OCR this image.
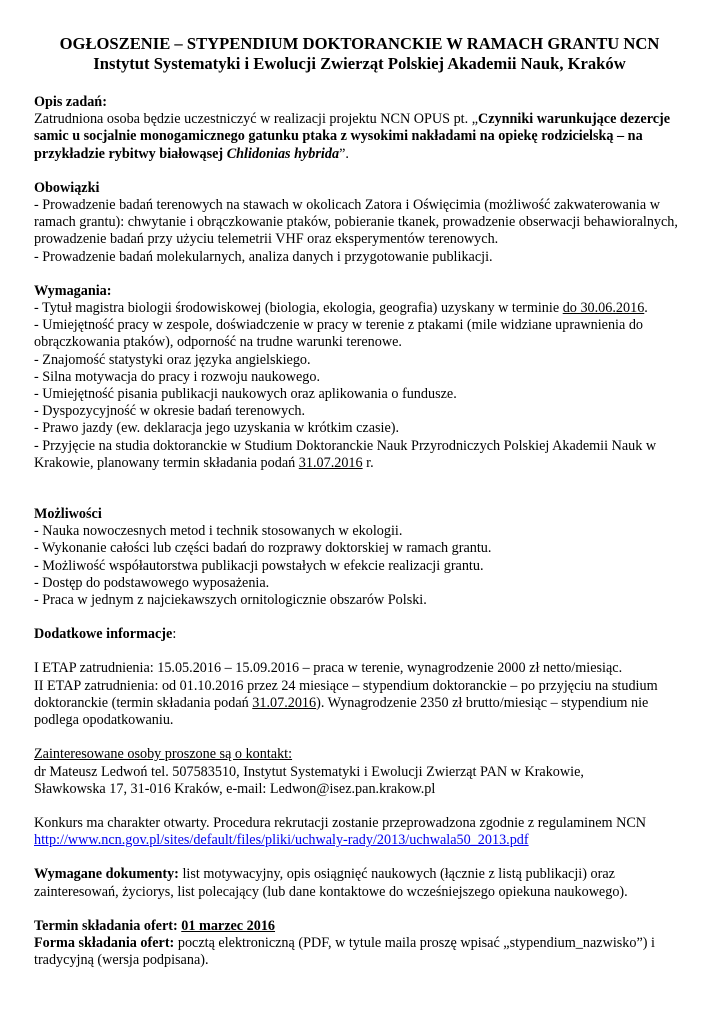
OGŁOSZENIE – STYPENDIUM DOKTORANCKIE W RAMACH GRANTU NCN

Instytut Systematyki i Ewolucji Zwierząt Polskiej Akademii Nauk, Kraków

Opis zadań:

Zatrudniona osoba będzie uczestniczyć w realizacji projektu NCN OPUS pt. „Czynniki warunkujące dezercje samic u socjalnie monogamicznego gatunku ptaka z wysokimi nakładami na opiekę rodzicielską – na przykładzie rybitwy białowąsej Chlidonias hybrida”.

Obowiązki

- Prowadzenie badań terenowych na stawach w okolicach Zatora i Oświęcimia (możliwość zakwaterowania w ramach grantu): chwytanie i obrączkowanie ptaków, pobieranie tkanek, prowadzenie obserwacji behawioralnych, prowadzenie badań przy użyciu telemetrii VHF oraz eksperymentów terenowych.

- Prowadzenie badań molekularnych, analiza danych i przygotowanie publikacji.

Wymagania:

- Tytuł magistra biologii środowiskowej (biologia, ekologia, geografia) uzyskany w terminie do 30.06.2016.

- Umiejętność pracy w zespole, doświadczenie w pracy w terenie z ptakami (mile widziane uprawnienia do obrączkowania ptaków), odporność na trudne warunki terenowe.

- Znajomość statystyki oraz języka angielskiego.

- Silna motywacja do pracy i rozwoju naukowego.

- Umiejętność pisania publikacji naukowych oraz aplikowania o fundusze.

- Dyspozycyjność w okresie badań terenowych.

- Prawo jazdy (ew. deklaracja jego uzyskania w krótkim czasie).

- Przyjęcie na studia doktoranckie w Studium Doktoranckie Nauk Przyrodniczych Polskiej Akademii Nauk w Krakowie, planowany termin składania podań 31.07.2016 r.

Możliwości

- Nauka nowoczesnych metod i technik stosowanych w ekologii.

- Wykonanie całości lub części badań do rozprawy doktorskiej w ramach grantu.

- Możliwość współautorstwa publikacji powstałych w efekcie realizacji grantu.

- Dostęp do podstawowego wyposażenia.

- Praca w jednym z najciekawszych ornitologicznie obszarów Polski.

Dodatkowe informacje:

I ETAP zatrudnienia: 15.05.2016 – 15.09.2016 – praca w terenie, wynagrodzenie 2000 zł netto/miesiąc.

II ETAP zatrudnienia: od 01.10.2016 przez 24 miesiące – stypendium doktoranckie – po przyjęciu na studium doktoranckie (termin składania podań 31.07.2016). Wynagrodzenie 2350 zł brutto/miesiąc – stypendium nie podlega opodatkowaniu.

Zainteresowane osoby proszone są o kontakt:

dr Mateusz Ledwoń tel. 507583510, Instytut Systematyki i Ewolucji Zwierząt PAN w Krakowie,

Sławkowska 17, 31-016 Kraków, e-mail: Ledwon@isez.pan.krakow.pl

Konkurs ma charakter otwarty. Procedura rekrutacji zostanie przeprowadzona zgodnie z regulaminem NCN

http://www.ncn.gov.pl/sites/default/files/pliki/uchwaly-rady/2013/uchwala50_2013.pdf

Wymagane dokumenty: list motywacyjny, opis osiągnięć naukowych (łącznie z listą publikacji) oraz zainteresowań, życiorys, list polecający (lub dane kontaktowe do wcześniejszego opiekuna naukowego).

Termin składania ofert: 01 marzec 2016

Forma składania ofert: pocztą elektroniczną (PDF, w tytule maila proszę wpisać „stypendium_nazwisko”) i tradycyjną (wersja podpisana).
